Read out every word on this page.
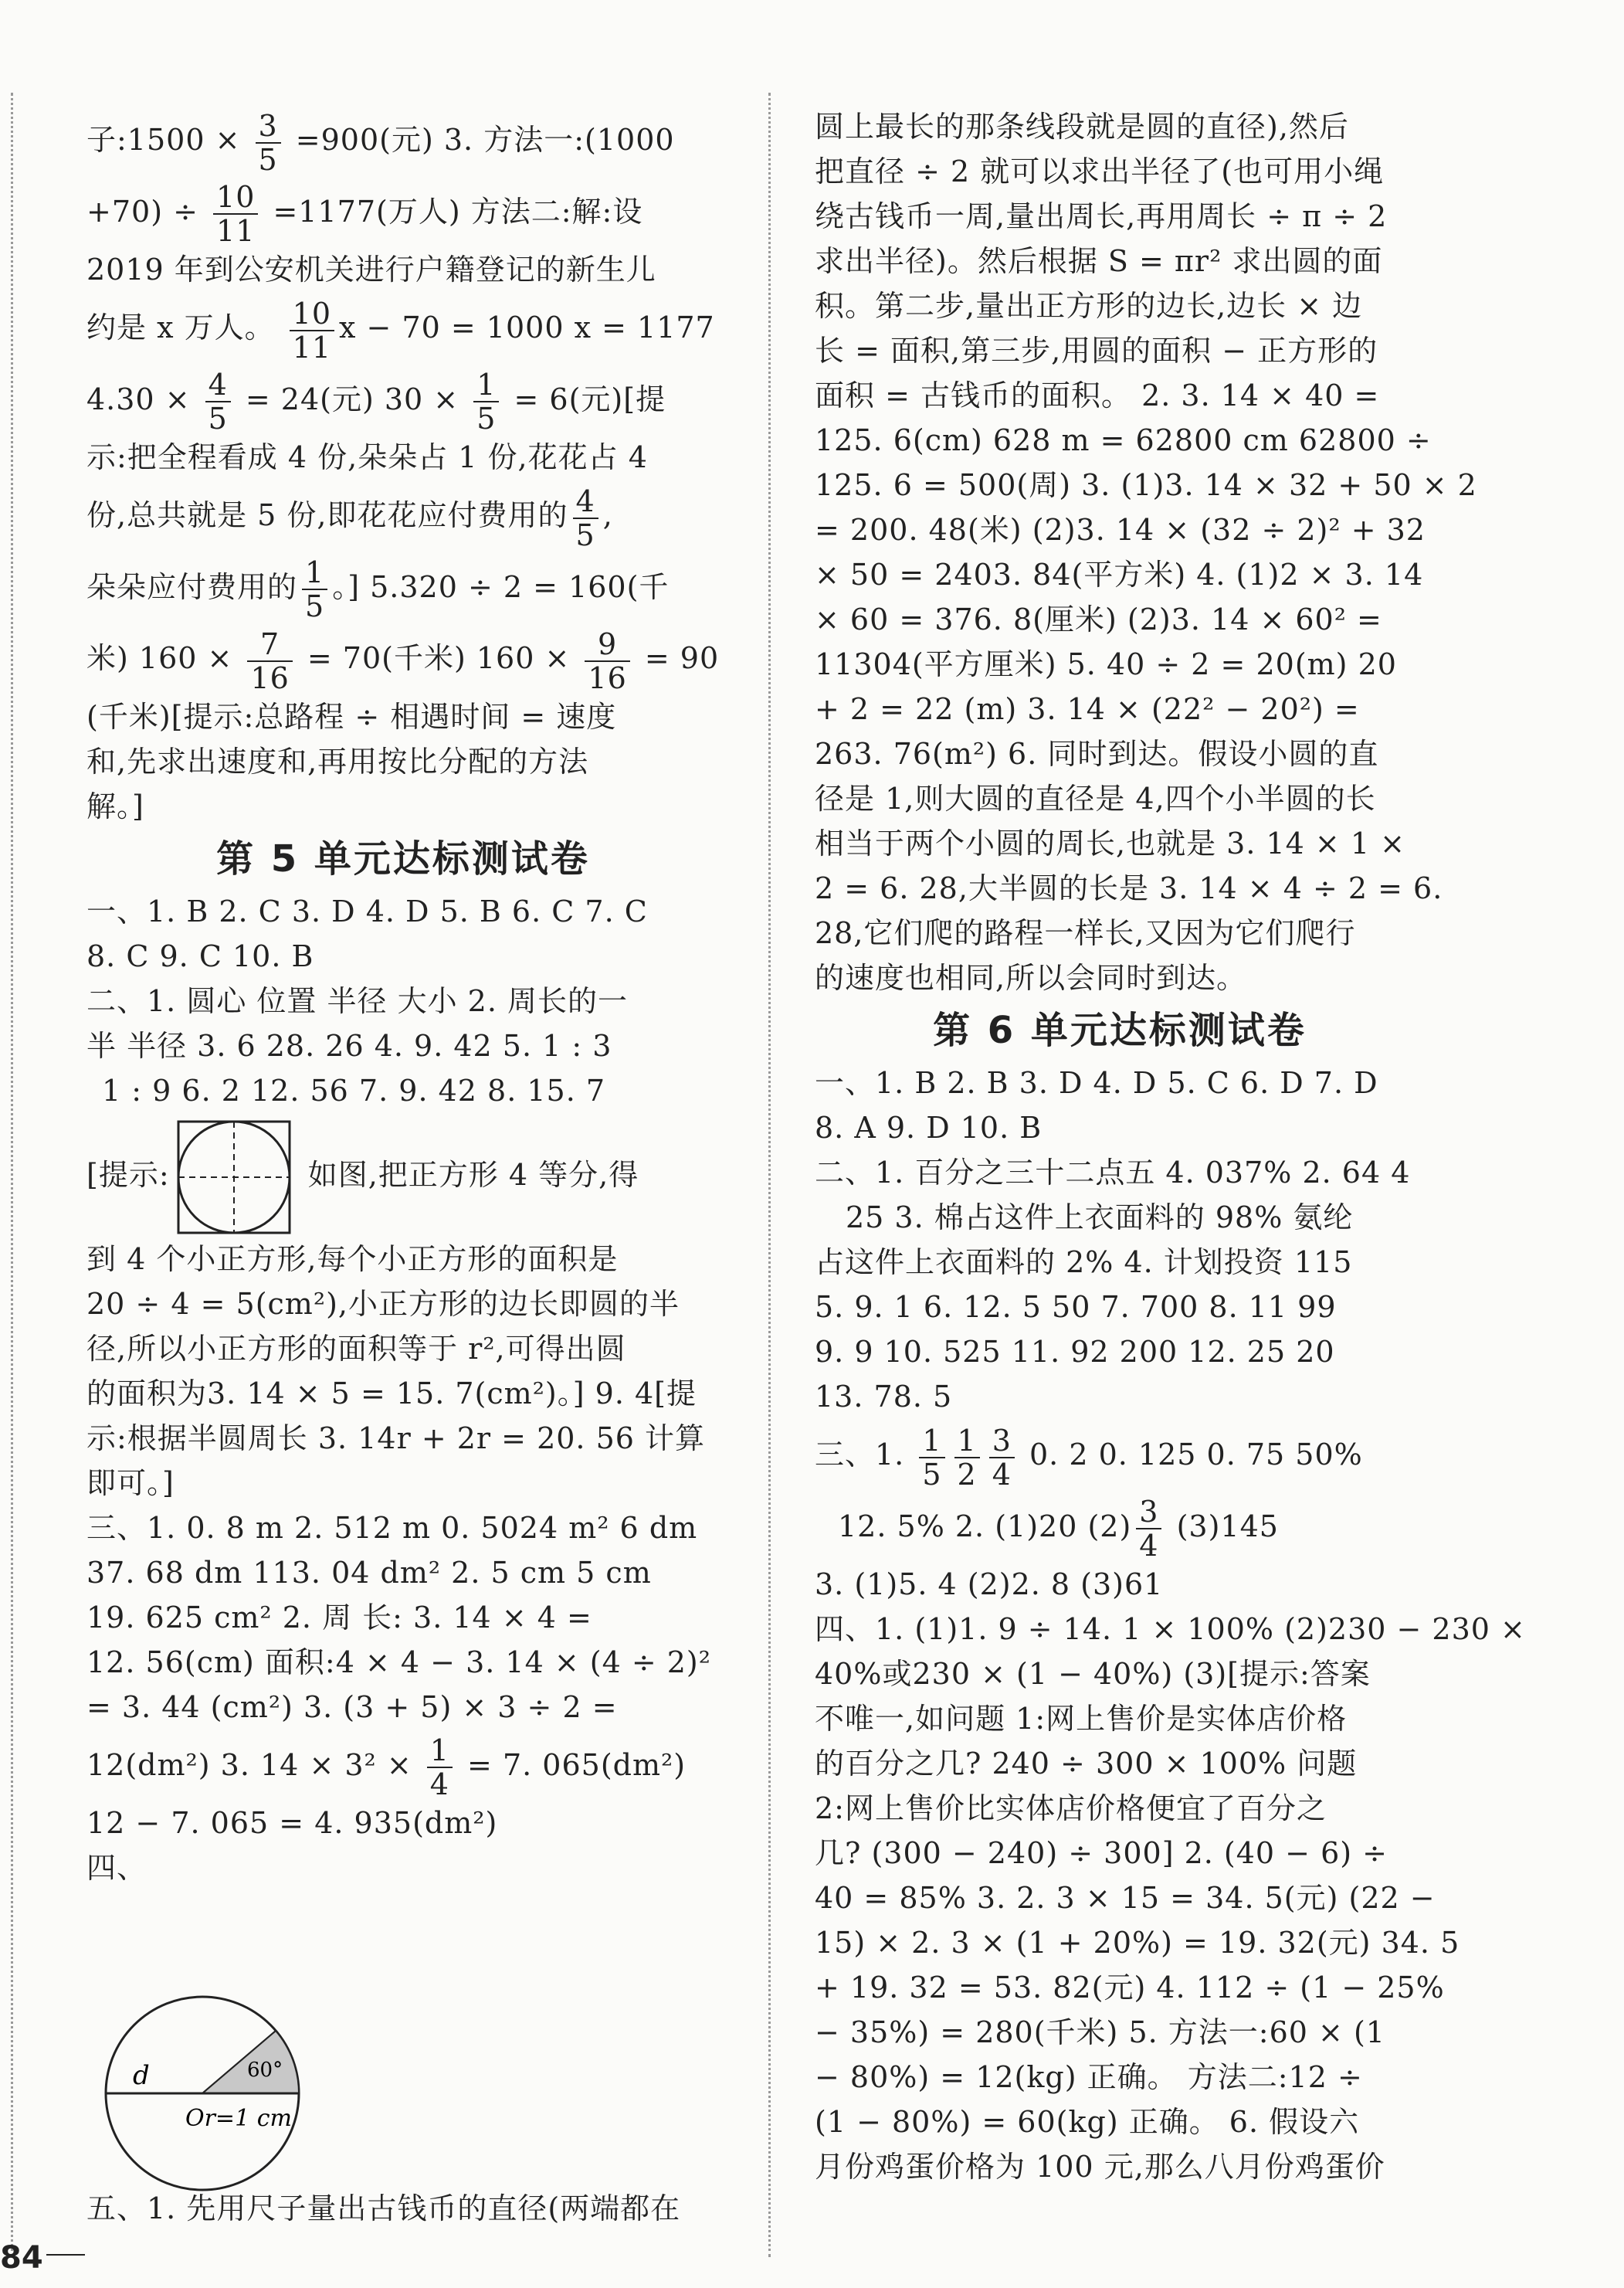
子:1500 × $\frac{3}{5} =900$(元) 3. 方法一:(1000
$+70) \div \frac{10}{11} =1177$(万人) 方法二:解:设
2019 年到公安机关进行户籍登记的新生儿
约是 x 万人。 $\frac{10}{11}$ x − 70 = 1000 x = 1177
$4.30 \times \frac{4}{5} = 24$(元) $30 \times \frac{1}{5} = 6$(元)[提
示:把全程看成 4 份,朵朵占 1 份,花花占 4
份,总共就是 5 份,即花花应付费用的 $\frac{4}{5}$ ,
朵朵应付费用的 $\frac{1}{5}$ 。] 5.320 ÷ 2 = 160(千
米) $160 \times \frac{7}{16} = 70$(千米) $160 \times \frac{9}{16} = 90$
(千米)[提示:总路程 ÷ 相遇时间 = 速度
和,先求出速度和,再用按比分配的方法
解。]
第 5 单元达标测试卷
一、1. B 2. C 3. D 4. D 5. B 6. C 7. C
8. C 9. C 10. B
二、1. 圆心 位置 半径 大小 2. 周长的一
半 半径 3. 6 28. 26 4. 9. 42 5. 1 : 3
1 : 9 6. 2 12. 56 7. 9. 42 8. 15. 7
[提示:	如图,把正方形 4 等分,得
到 4 个小正方形,每个小正方形的面积是
20 ÷ 4 = 5(cm²),小正方形的边长即圆的半
径,所以小正方形的面积等于 r²,可得出圆
的面积为3. 14 × 5 = 15. 7(cm²)。] 9. 4[提
示:根据半圆周长 3. 14r + 2r = 20. 56 计算
即可。]
三、1. 0. 8 m 2. 512 m 0. 5024 m² 6 dm
37. 68 dm 113. 04 dm² 2. 5 cm 5 cm
19. 625 cm² 2. 周 长: 3. 14 × 4 =
12. 56(cm) 面积:4 × 4 − 3. 14 × (4 ÷ 2)²
= 3. 44 (cm²) 3. (3 + 5) × 3 ÷ 2 =
12(dm²) 3. $14 \times 3^2 \times \frac{1}{4} = 7$. 065(dm²)
12 − 7. 065 = 4. 935(dm²)
四、
d	60°
Or=1 cm
五、1. 先用尺子量出古钱币的直径(两端都在
84
圆上最长的那条线段就是圆的直径),然后
把直径 ÷ 2 就可以求出半径了(也可用小绳
绕古钱币一周,量出周长,再用周长 ÷ π ÷ 2
求出半径)。然后根据 S = πr² 求出圆的面
积。第二步,量出正方形的边长,边长 × 边
长 = 面积,第三步,用圆的面积 − 正方形的
面积 = 古钱币的面积。 2. 3. 14 × 40 =
125. 6(cm) 628 m = 62800 cm 62800 ÷
125. 6 = 500(周) 3. (1)3. 14 × 32 + 50 × 2
= 200. 48(米) (2)3. 14 × (32 ÷ 2)² + 32
× 50 = 2403. 84(平方米) 4. (1)2 × 3. 14
× 60 = 376. 8(厘米) (2)3. 14 × 60² =
11304(平方厘米) 5. 40 ÷ 2 = 20(m) 20
+ 2 = 22 (m) 3. 14 × (22² − 20²) =
263. 76(m²) 6. 同时到达。假设小圆的直
径是 1,则大圆的直径是 4,四个小半圆的长
相当于两个小圆的周长,也就是 3. 14 × 1 ×
2 = 6. 28,大半圆的长是 3. 14 × 4 ÷ 2 = 6.
28,它们爬的路程一样长,又因为它们爬行
的速度也相同,所以会同时到达。
第 6 单元达标测试卷
一、1. B 2. B 3. D 4. D 5. C 6. D 7. D
8. A 9. D 10. B
二、1. 百分之三十二点五 4. 037% 2. 64 4
25 3. 棉占这件上衣面料的 98% 氨纶
占这件上衣面料的 2% 4. 计划投资 115
5. 9. 1 6. 12. 5 50 7. 700 8. 11 99
9. 9 10. 525 11. 92 200 12. 25 20
13. 78. 5
三、1. $\frac{1}{5} \frac{1}{2} \frac{3}{4} 0$. 2 0. 125 0. 75 50%
12. 5% 2. (1)20 $(2) \frac{3}{4} (3)145$
3. (1)5. 4 (2)2. 8 (3)61
四、1. (1)1. 9 ÷ 14. 1 × 100% (2)230 − 230 ×
40%或230 × (1 − 40%) (3)[提示:答案
不唯一,如问题 1:网上售价是实体店价格
的百分之几? 240 ÷ 300 × 100% 问题
2:网上售价比实体店价格便宜了百分之
几? (300 − 240) ÷ 300] 2. (40 − 6) ÷
40 = 85% 3. 2. 3 × 15 = 34. 5(元) (22 −
15) × 2. 3 × (1 + 20%) = 19. 32(元) 34. 5
+ 19. 32 = 53. 82(元) 4. 112 ÷ (1 − 25%
− 35%) = 280(千米) 5. 方法一:60 × (1
− 80%) = 12(kg) 正确。 方法二:12 ÷
(1 − 80%) = 60(kg) 正确。 6. 假设六
月份鸡蛋价格为 100 元,那么八月份鸡蛋价
